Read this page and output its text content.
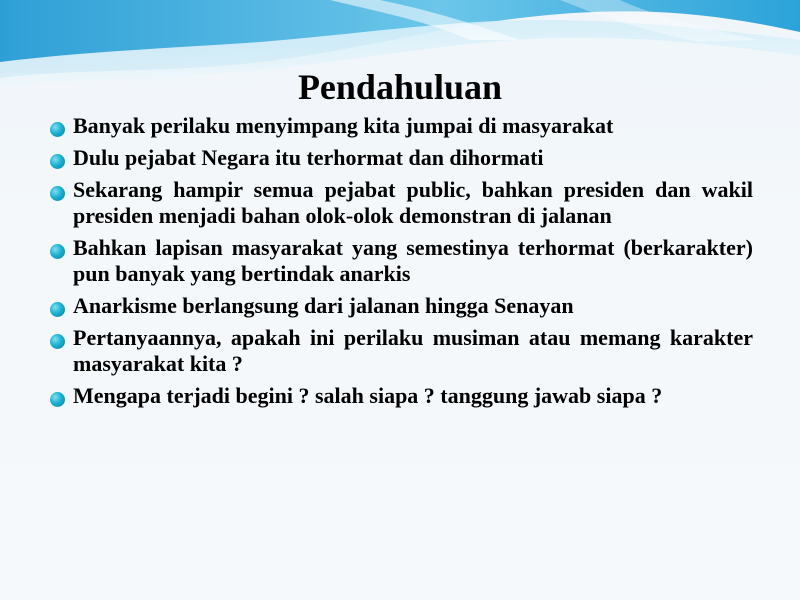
Pendahuluan
Banyak perilaku menyimpang kita jumpai di masyarakat
Dulu pejabat Negara itu terhormat dan dihormati
Sekarang hampir semua pejabat public, bahkan presiden dan wakil presiden menjadi bahan olok-olok demonstran di jalanan
Bahkan lapisan masyarakat yang semestinya terhormat (berkarakter) pun banyak yang bertindak anarkis
Anarkisme berlangsung dari jalanan hingga Senayan
Pertanyaannya, apakah ini perilaku musiman atau memang karakter masyarakat kita ?
Mengapa terjadi begini ? salah siapa ? tanggung jawab siapa ?
